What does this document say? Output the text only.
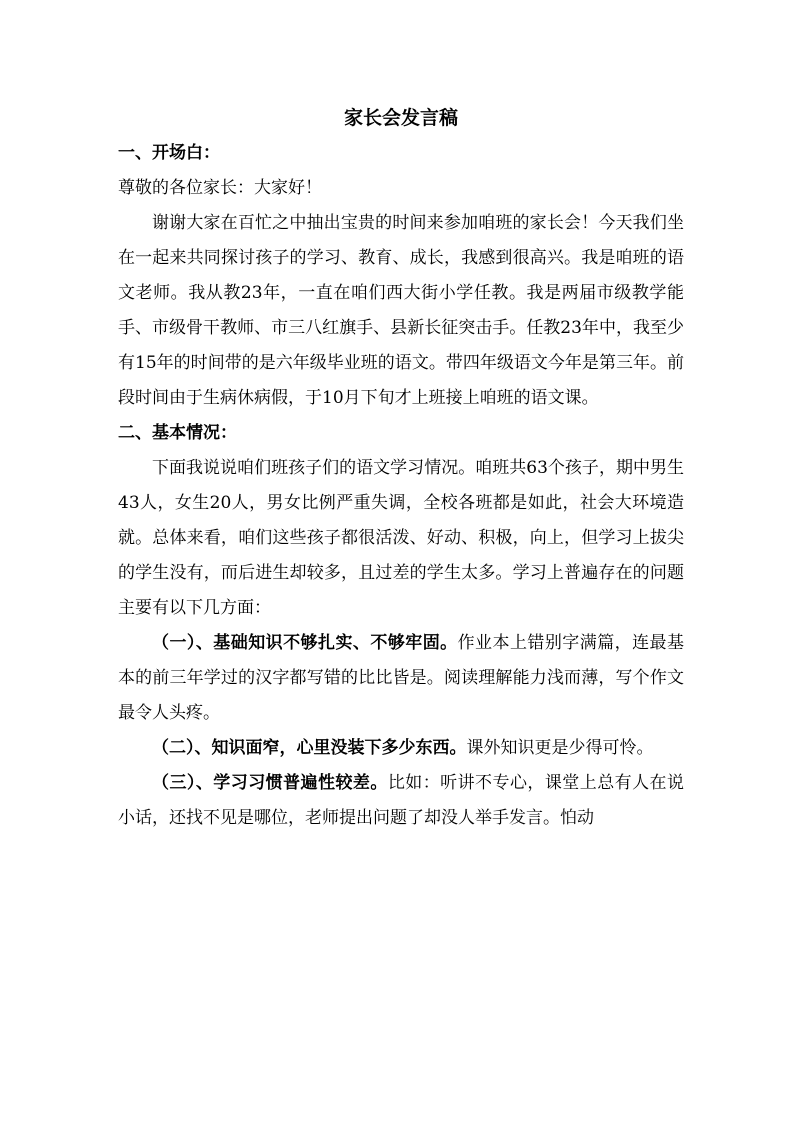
家长会发言稿

一、开场白：

尊敬的各位家长：大家好！

谢谢大家在百忙之中抽出宝贵的时间来参加咱班的家长会！今天我们坐在一起来共同探讨孩子的学习、教育、成长，我感到很高兴。我是咱班的语文老师。我从教23年，一直在咱们西大街小学任教。我是两届市级教学能手、市级骨干教师、市三八红旗手、县新长征突击手。任教23年中，我至少有15年的时间带的是六年级毕业班的语文。带四年级语文今年是第三年。前段时间由于生病休病假，于10月下旬才上班接上咱班的语文课。

二、基本情况：

下面我说说咱们班孩子们的语文学习情况。咱班共63个孩子，期中男生43人，女生20人，男女比例严重失调，全校各班都是如此，社会大环境造就。总体来看，咱们这些孩子都很活泼、好动、积极，向上，但学习上拔尖的学生没有，而后进生却较多，且过差的学生太多。学习上普遍存在的问题主要有以下几方面：

（一）、基础知识不够扎实、不够牢固。作业本上错别字满篇，连最基本的前三年学过的汉字都写错的比比皆是。阅读理解能力浅而薄，写个作文最令人头疼。

（二）、知识面窄，心里没装下多少东西。课外知识更是少得可怜。

（三）、学习习惯普遍性较差。比如：听讲不专心，课堂上总有人在说小话，还找不见是哪位，老师提出问题了却没人举手发言。怕动
